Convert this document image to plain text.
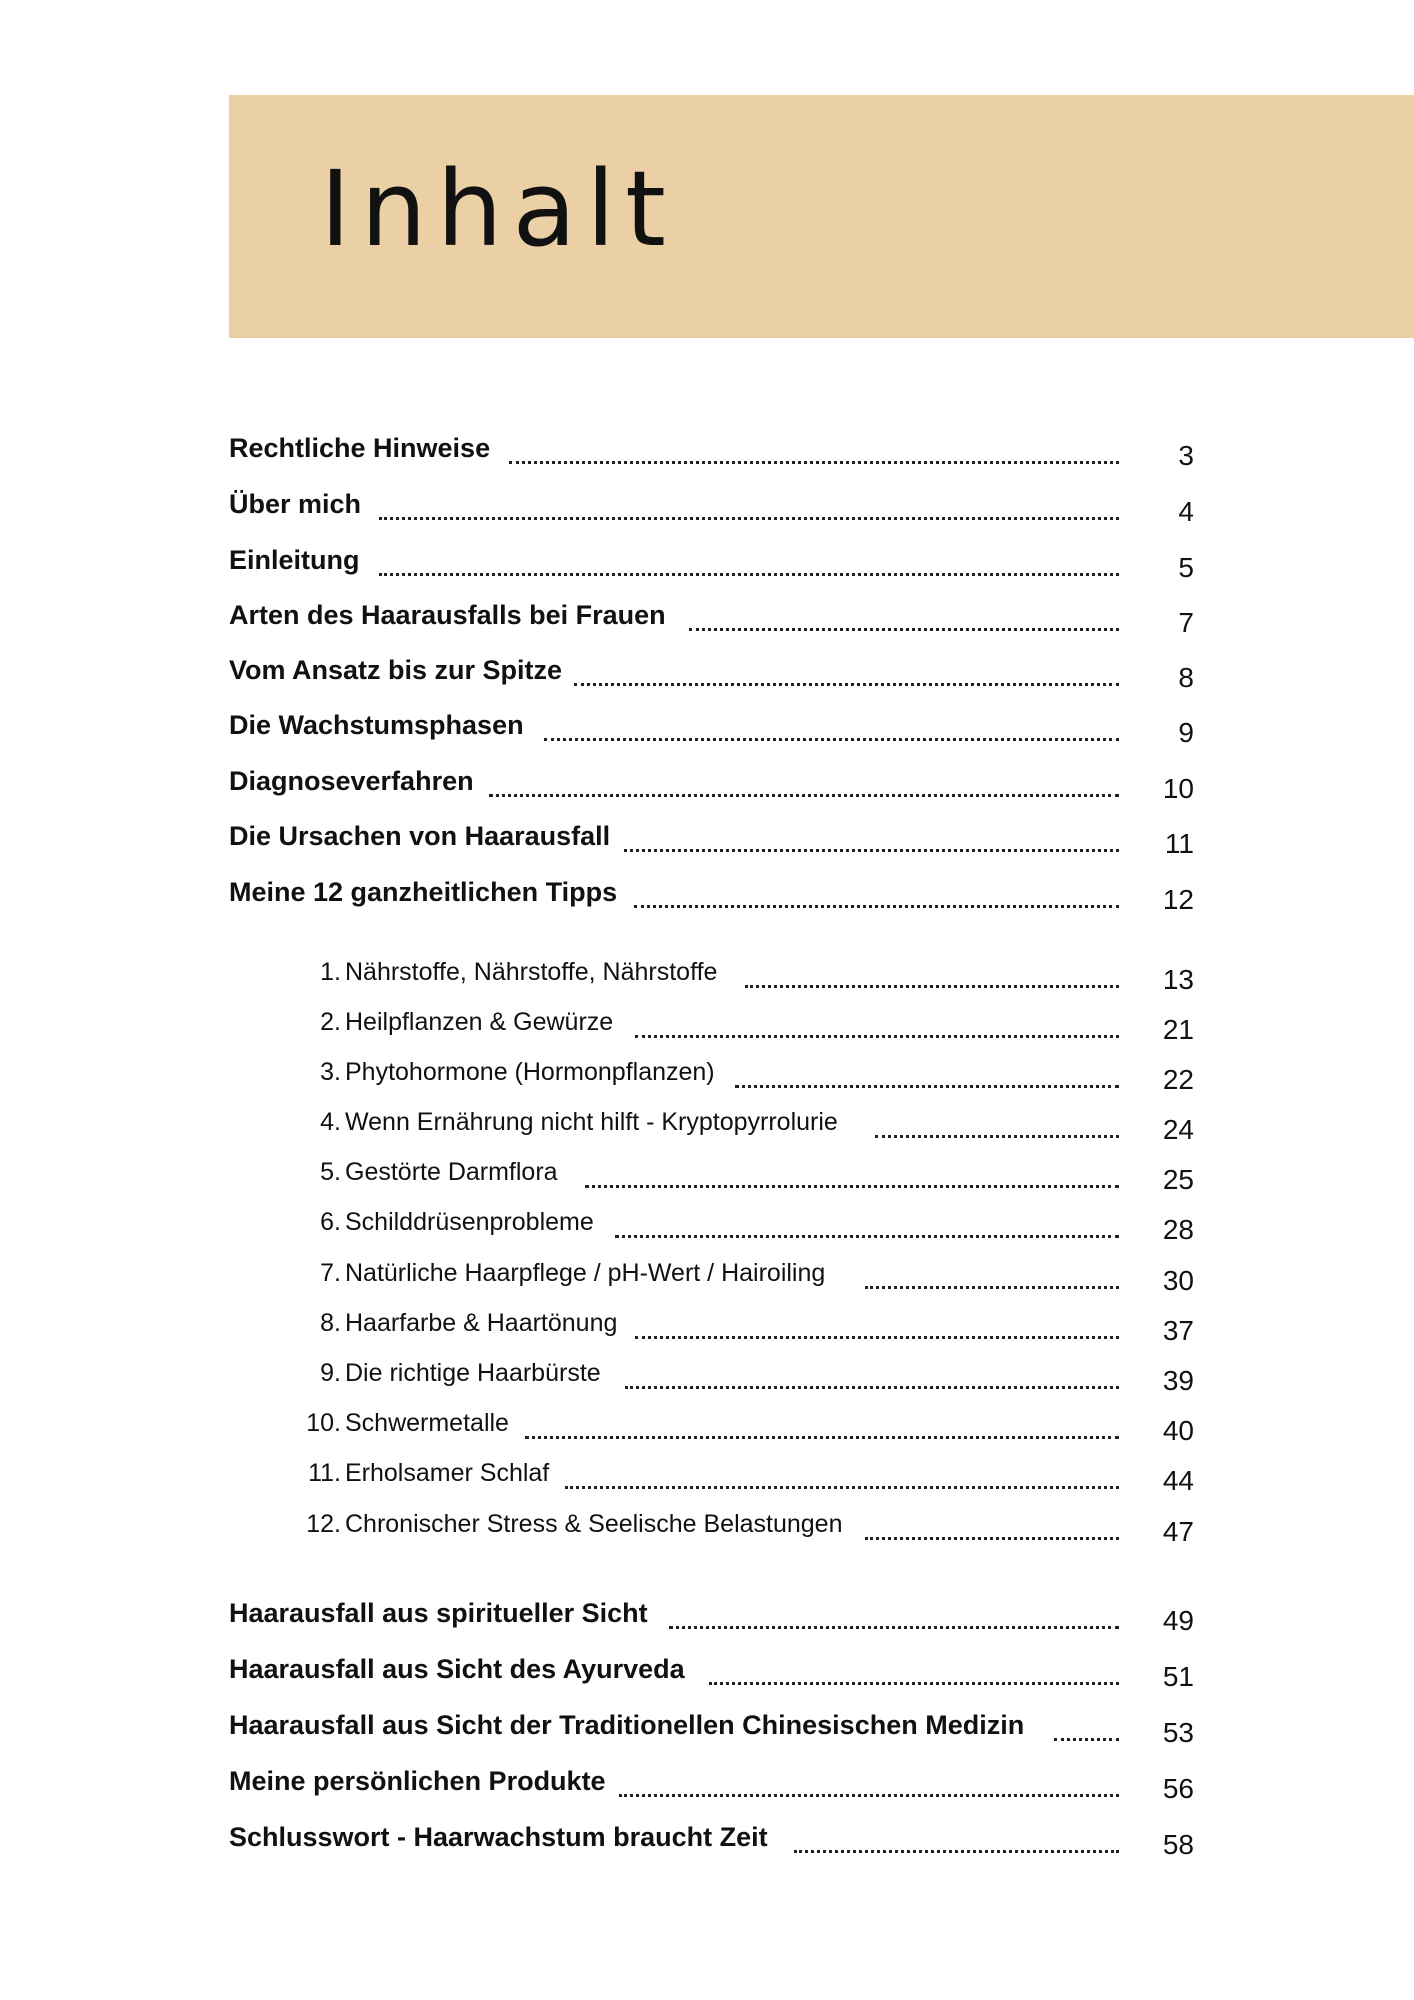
Inhalt
Rechtliche Hinweise	3
Über mich	4
Einleitung	5
Arten des Haarausfalls bei Frauen	7
Vom Ansatz bis zur Spitze	8
Die Wachstumsphasen	9
Diagnoseverfahren	10
Die Ursachen von Haarausfall	11
Meine 12 ganzheitlichen Tipps	12
1. Nährstoffe, Nährstoffe, Nährstoffe	13
2. Heilpflanzen & Gewürze	21
3. Phytohormone (Hormonpflanzen)	22
4. Wenn Ernährung nicht hilft - Kryptopyrrolurie	24
5. Gestörte Darmflora	25
6. Schilddrüsenprobleme	28
7. Natürliche Haarpflege / pH-Wert / Hairoiling	30
8. Haarfarbe & Haartönung	37
9. Die richtige Haarbürste	39
10. Schwermetalle	40
11. Erholsamer Schlaf	44
12. Chronischer Stress & Seelische Belastungen	47
Haarausfall aus spiritueller Sicht	49
Haarausfall aus Sicht des Ayurveda	51
Haarausfall aus Sicht der Traditionellen Chinesischen Medizin	53
Meine persönlichen Produkte	56
Schlusswort - Haarwachstum braucht Zeit	58
